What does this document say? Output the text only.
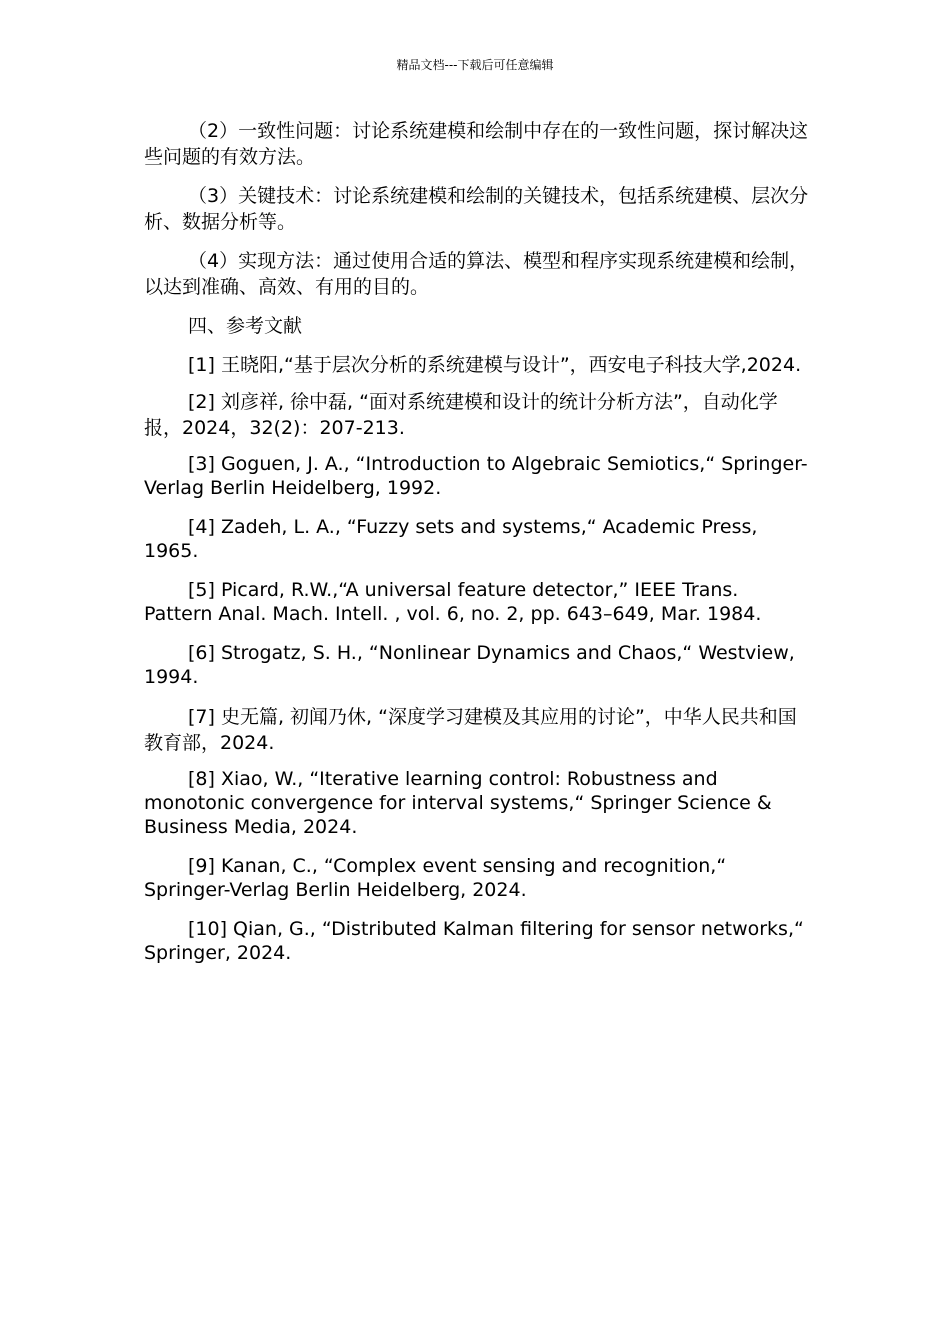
精品文档---下载后可任意编辑

（2）一致性问题：讨论系统建模和绘制中存在的一致性问题，探讨解决这些问题的有效方法。

（3）关键技术：讨论系统建模和绘制的关键技术，包括系统建模、层次分析、数据分析等。

（4）实现方法：通过使用合适的算法、模型和程序实现系统建模和绘制，以达到准确、高效、有用的目的。

四、参考文献

[1] 王晓阳,“基于层次分析的系统建模与设计”，西安电子科技大学,2024.

[2] 刘彦祥, 徐中磊, “面对系统建模和设计的统计分析方法”，自动化学报，2024，32(2)：207-213.

[3] Goguen, J. A., “Introduction to Algebraic Semiotics,“ Springer-Verlag Berlin Heidelberg, 1992.

[4] Zadeh, L. A., “Fuzzy sets and systems,“ Academic Press, 1965.

[5] Picard, R.W.,“A universal feature detector,” IEEE Trans. Pattern Anal. Mach. Intell. , vol. 6, no. 2, pp. 643–649, Mar. 1984.

[6] Strogatz, S. H., “Nonlinear Dynamics and Chaos,“ Westview, 1994.

[7] 史无篇, 初闻乃休, “深度学习建模及其应用的讨论”，中华人民共和国教育部，2024.

[8] Xiao, W., “Iterative learning control: Robustness and monotonic convergence for interval systems,“ Springer Science & Business Media, 2024.

[9] Kanan, C., “Complex event sensing and recognition,“ Springer-Verlag Berlin Heidelberg, 2024.

[10] Qian, G., “Distributed Kalman filtering for sensor networks,“ Springer, 2024.
